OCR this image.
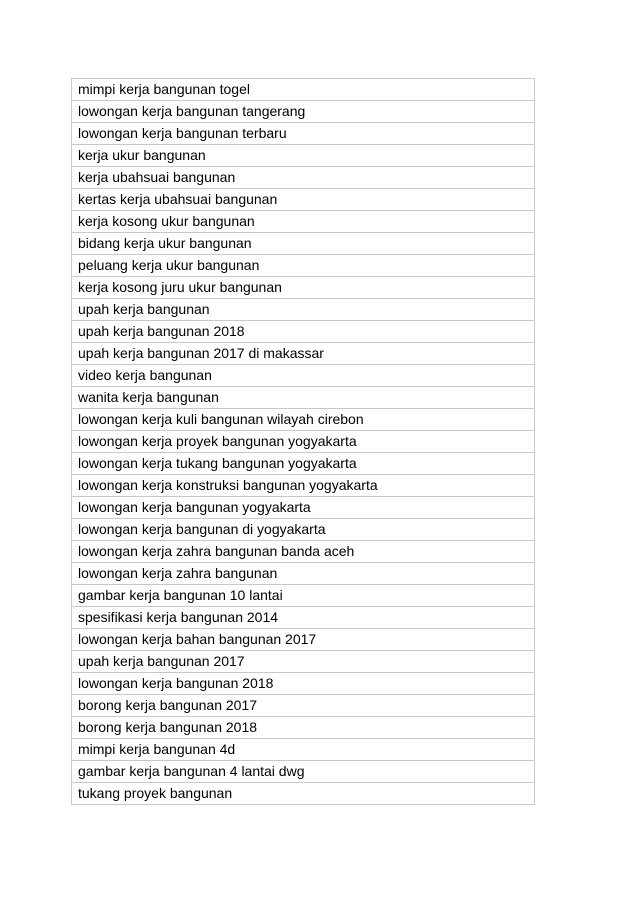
mimpi kerja bangunan togel
lowongan kerja bangunan tangerang
lowongan kerja bangunan terbaru
kerja ukur bangunan
kerja ubahsuai bangunan
kertas kerja ubahsuai bangunan
kerja kosong ukur bangunan
bidang kerja ukur bangunan
peluang kerja ukur bangunan
kerja kosong juru ukur bangunan
upah kerja bangunan
upah kerja bangunan 2018
upah kerja bangunan 2017 di makassar
video kerja bangunan
wanita kerja bangunan
lowongan kerja kuli bangunan wilayah cirebon
lowongan kerja proyek bangunan yogyakarta
lowongan kerja tukang bangunan yogyakarta
lowongan kerja konstruksi bangunan yogyakarta
lowongan kerja bangunan yogyakarta
lowongan kerja bangunan di yogyakarta
lowongan kerja zahra bangunan banda aceh
lowongan kerja zahra bangunan
gambar kerja bangunan 10 lantai
spesifikasi kerja bangunan 2014
lowongan kerja bahan bangunan 2017
upah kerja bangunan 2017
lowongan kerja bangunan 2018
borong kerja bangunan 2017
borong kerja bangunan 2018
mimpi kerja bangunan 4d
gambar kerja bangunan 4 lantai dwg
tukang proyek bangunan
